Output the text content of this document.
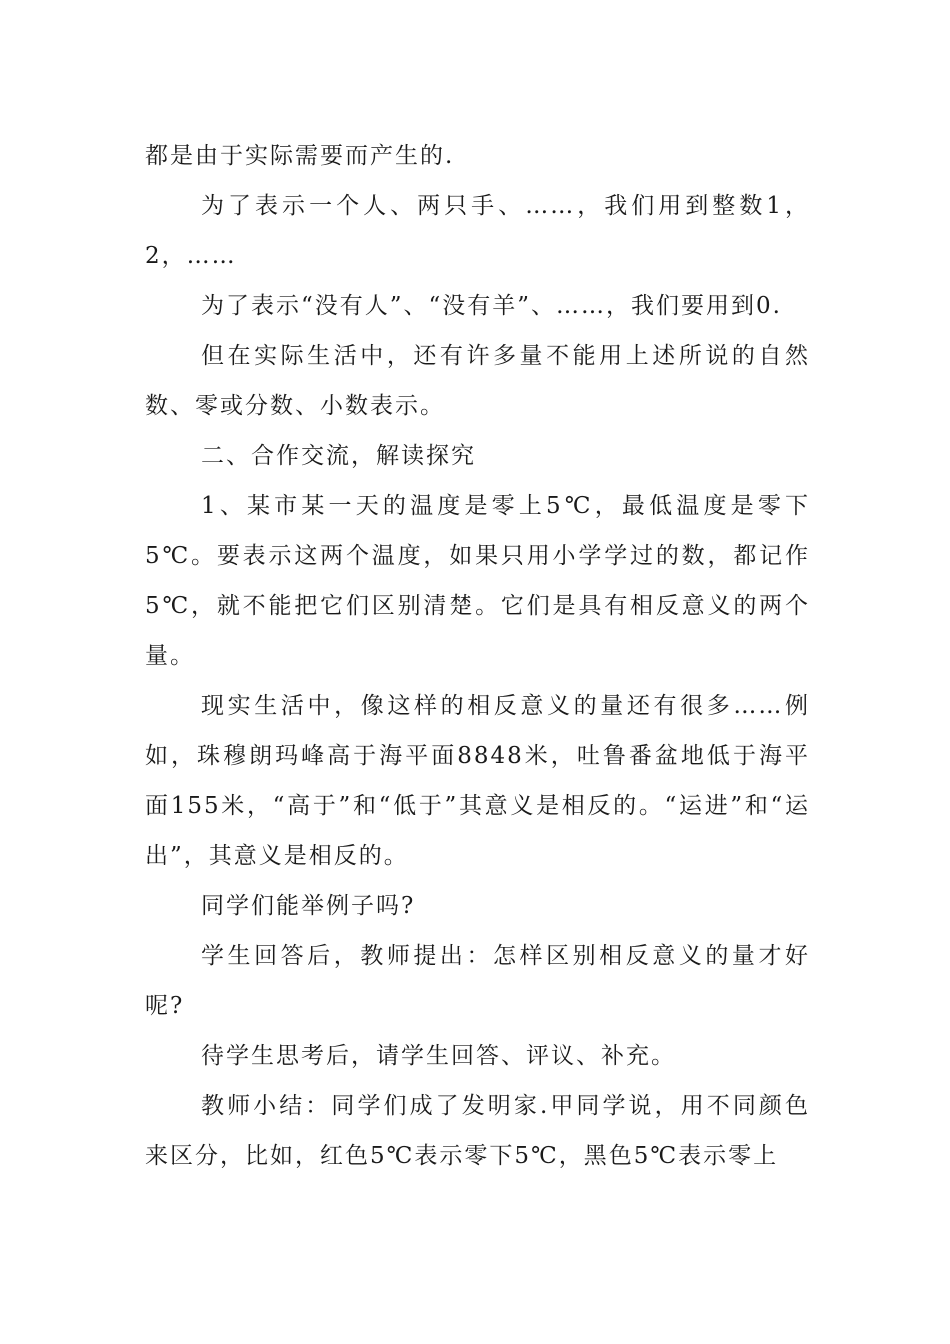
都是由于实际需要而产生的.

为了表示一个人、两只手、……，我们用到整数1，2，……

为了表示“没有人”、“没有羊”、……，我们要用到0.

但在实际生活中，还有许多量不能用上述所说的自然数、零或分数、小数表示。

二、合作交流，解读探究

1、某市某一天的温度是零上5℃，最低温度是零下5℃。要表示这两个温度，如果只用小学学过的数，都记作5℃，就不能把它们区别清楚。它们是具有相反意义的两个量。

现实生活中，像这样的相反意义的量还有很多……例如，珠穆朗玛峰高于海平面8848米，吐鲁番盆地低于海平面155米，“高于”和“低于”其意义是相反的。“运进”和“运出”，其意义是相反的。

同学们能举例子吗?

学生回答后，教师提出：怎样区别相反意义的量才好呢?

待学生思考后，请学生回答、评议、补充。

教师小结：同学们成了发明家.甲同学说，用不同颜色来区分，比如，红色5℃表示零下5℃，黑色5℃表示零上
